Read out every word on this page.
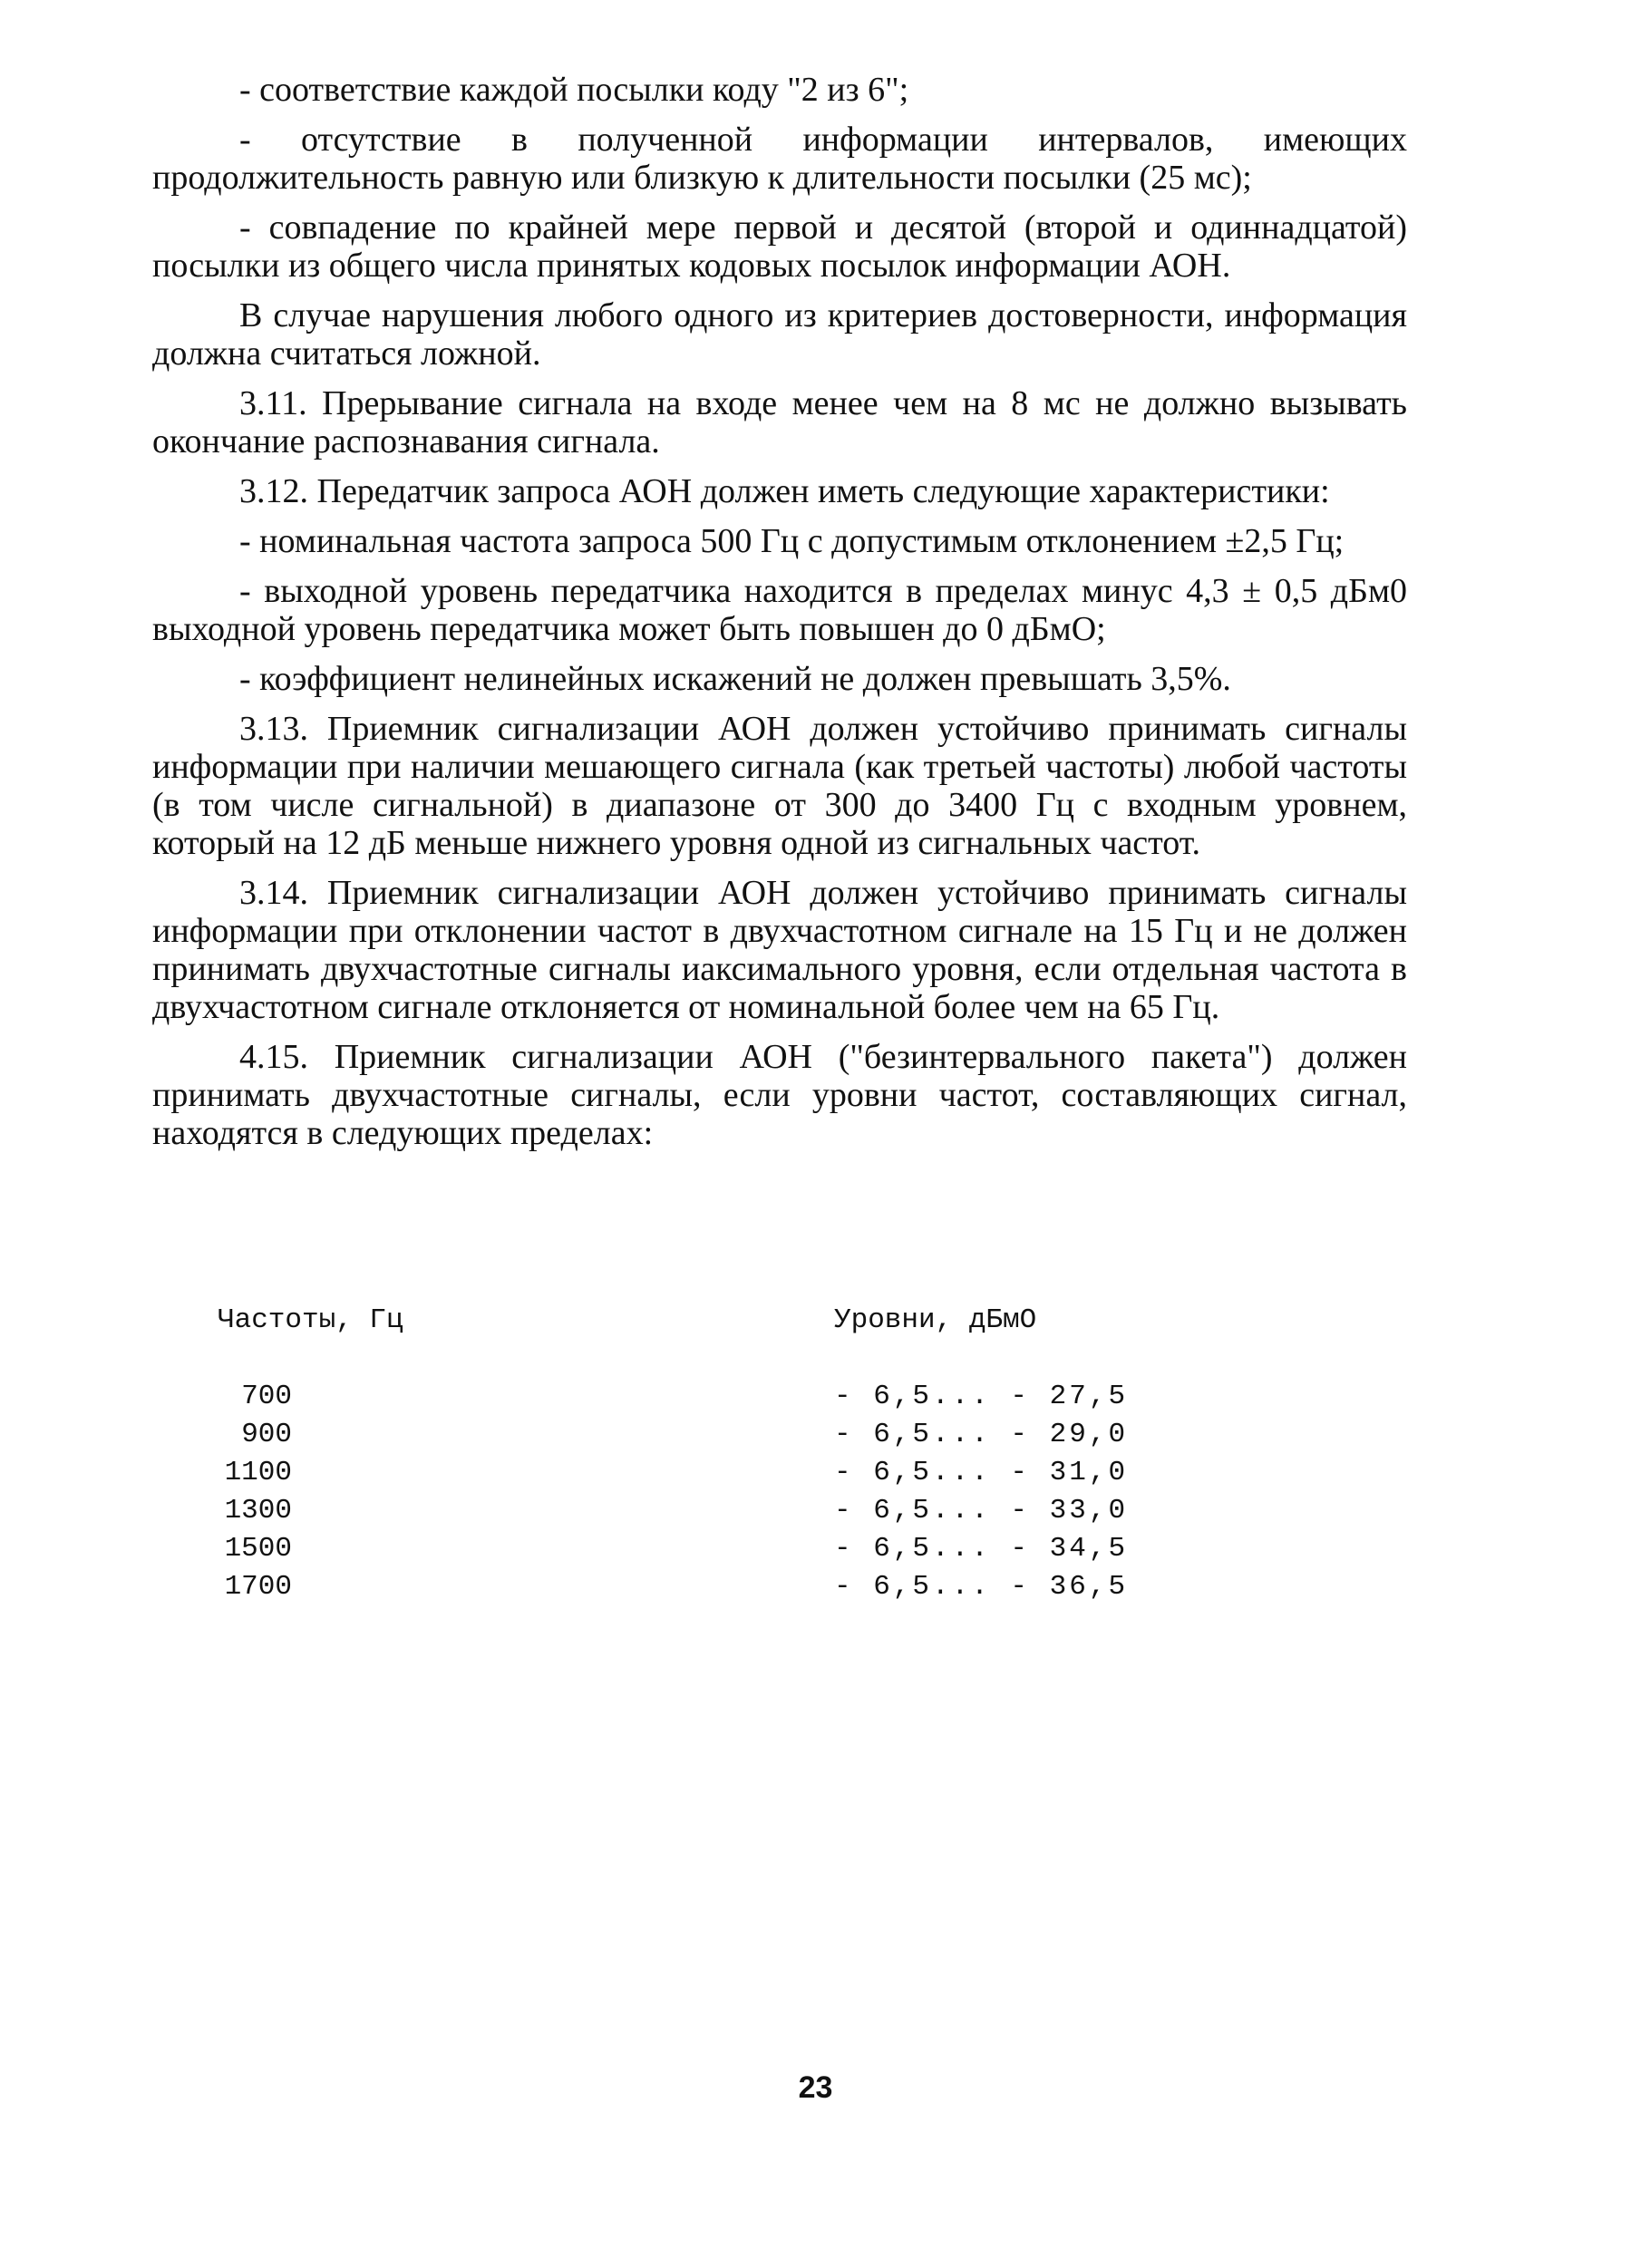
- соответствие каждой посылки коду "2 из 6";

- отсутствие в полученной информации интервалов, имеющих продолжительность равную или близкую к длительности посылки (25 мс);

- совпадение по крайней мере первой и десятой (второй и одиннадцатой) посылки из общего числа принятых кодовых посылок информации АОН.

В случае нарушения любого одного из критериев достоверности, информация должна считаться ложной.

3.11. Прерывание сигнала на входе менее чем на 8 мс не должно вызывать окончание распознавания сигнала.

3.12. Передатчик запроса АОН должен иметь следующие характеристики:

- номинальная частота запроса 500 Гц с допустимым отклонением ±2,5 Гц;

- выходной уровень передатчика находится в пределах минус 4,3 ± 0,5 дБм0 выходной уровень передатчика может быть повышен до 0 дБмО;

- коэффициент нелинейных искажений не должен превышать 3,5%.

3.13. Приемник сигнализации АОН должен устойчиво принимать сигналы информации при наличии мешающего сигнала (как третьей частоты) любой частоты (в том числе сигнальной) в диапазоне от 300 до 3400 Гц с входным уровнем, который на 12 дБ меньше нижнего уровня одной из сигнальных частот.

3.14. Приемник сигнализации АОН должен устойчиво принимать сигналы информации при отклонении частот в двухчастотном сигнале на 15 Гц и не должен принимать двухчастотные сигналы иаксимального уровня, если отдельная частота в двухчастотном сигнале отклоняется от номинальной более чем на 65 Гц.

4.15. Приемник сигнализации АОН ("безинтервального пакета") должен принимать двухчастотные сигналы, если уровни частот, составляющих сигнал, находятся в следующих пределах:

Частоты, Гц	Уровни, дБмО
700	- 6,5... - 27,5
900	- 6,5... - 29,0
1100	- 6,5... - 31,0
1300	- 6,5... - 33,0
1500	- 6,5... - 34,5
1700	- 6,5... - 36,5
23
